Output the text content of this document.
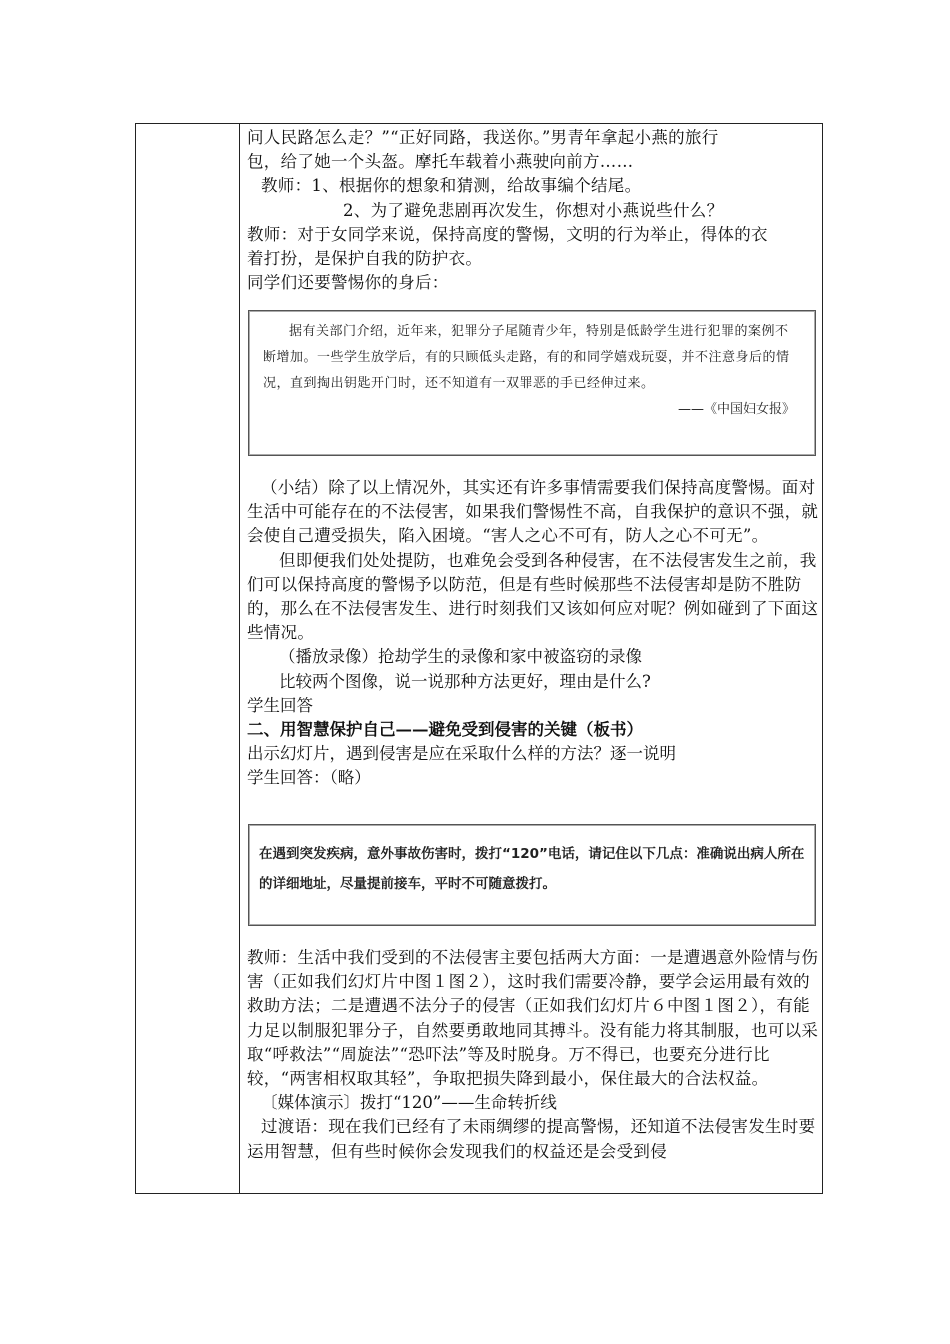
问人民路怎么走？”“正好同路，我送你。”男青年拿起小燕的旅行

包，给了她一个头盔。摩托车载着小燕驶向前方……

教师：1、根据你的想象和猜测，给故事编个结尾。

2、为了避免悲剧再次发生，你想对小燕说些什么？

教师：对于女同学来说，保持高度的警惕，文明的行为举止，得体的衣

着打扮，是保护自我的防护衣。

同学们还要警惕你的身后：

据有关部门介绍，近年来，犯罪分子尾随青少年，特别是低龄学生进行犯罪的案例不断增加。一些学生放学后，有的只顾低头走路，有的和同学嬉戏玩耍，并不注意身后的情况，直到掏出钥匙开门时，还不知道有一双罪恶的手已经伸过来。
——《中国妇女报》

（小结）除了以上情况外，其实还有许多事情需要我们保持高度警惕。面对生活中可能存在的不法侵害，如果我们警惕性不高，自我保护的意识不强，就会使自己遭受损失，陷入困境。“害人之心不可有，防人之心不可无”。

但即便我们处处提防，也难免会受到各种侵害，在不法侵害发生之前，我们可以保持高度的警惕予以防范，但是有些时候那些不法侵害却是防不胜防的，那么在不法侵害发生、进行时刻我们又该如何应对呢？例如碰到了下面这些情况。

（播放录像）抢劫学生的录像和家中被盗窃的录像

比较两个图像，说一说那种方法更好，理由是什么?

学生回答

二、用智慧保护自己——避免受到侵害的关键（板书）

出示幻灯片，遇到侵害是应在采取什么样的方法？逐一说明

学生回答：（略）

在遇到突发疾病，意外事故伤害时，拨打“120”电话，请记住以下几点：准确说出病人所在的详细地址，尽量提前接车，平时不可随意拨打。

教师：生活中我们受到的不法侵害主要包括两大方面：一是遭遇意外险情与伤害（正如我们幻灯片中图１图２），这时我们需要冷静，要学会运用最有效的救助方法；二是遭遇不法分子的侵害（正如我们幻灯片６中图１图２），有能力足以制服犯罪分子，自然要勇敢地同其搏斗。没有能力将其制服，也可以采取“呼救法”“周旋法”“恐吓法”等及时脱身。万不得已，也要充分进行比较，“两害相权取其轻”，争取把损失降到最小，保住最大的合法权益。

〔媒体演示〕拨打“120”——生命转折线

过渡语：现在我们已经有了未雨绸缪的提高警惕，还知道不法侵害发生时要运用智慧，但有些时候你会发现我们的权益还是会受到侵
